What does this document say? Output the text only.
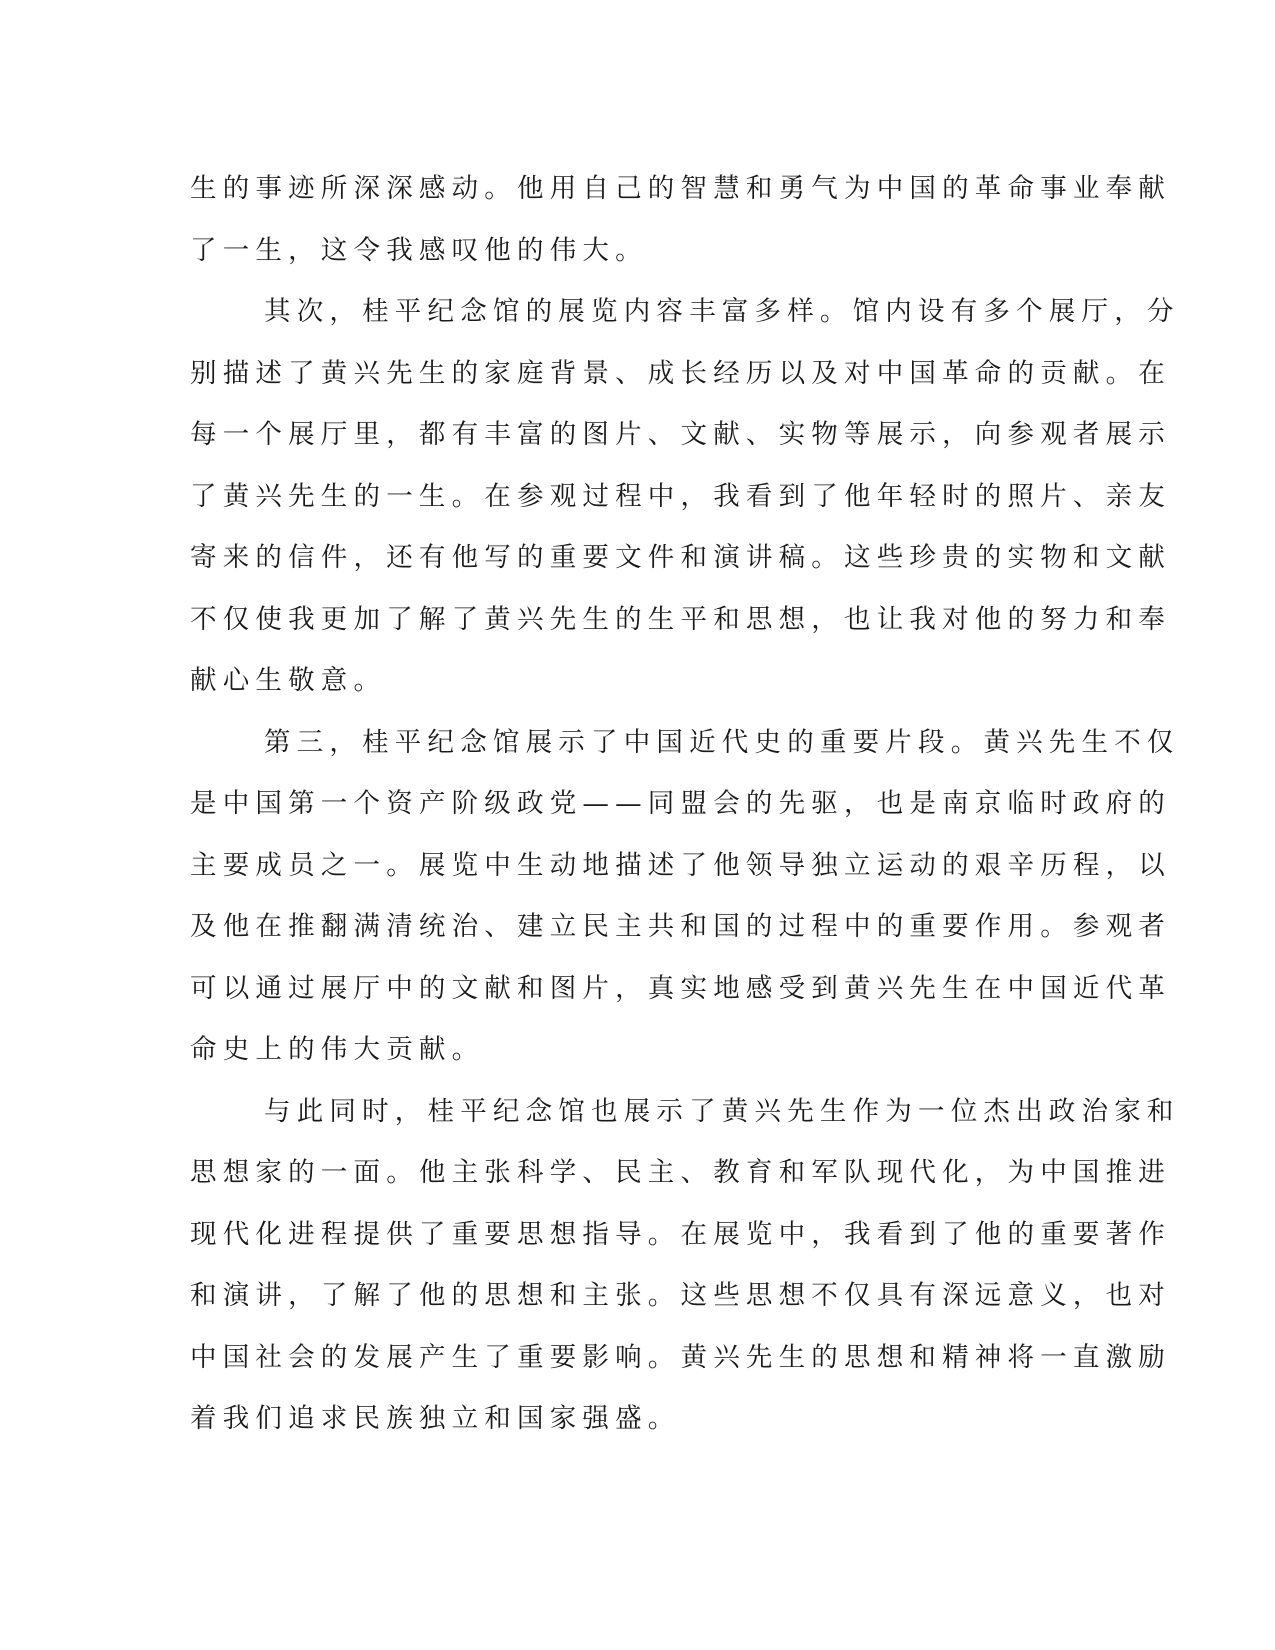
生的事迹所深深感动。他用自己的智慧和勇气为中国的革命事业奉献
了一生，这令我感叹他的伟大。
其次，桂平纪念馆的展览内容丰富多样。馆内设有多个展厅，分
别描述了黄兴先生的家庭背景、成长经历以及对中国革命的贡献。在
每一个展厅里，都有丰富的图片、文献、实物等展示，向参观者展示
了黄兴先生的一生。在参观过程中，我看到了他年轻时的照片、亲友
寄来的信件，还有他写的重要文件和演讲稿。这些珍贵的实物和文献
不仅使我更加了解了黄兴先生的生平和思想，也让我对他的努力和奉
献心生敬意。
第三，桂平纪念馆展示了中国近代史的重要片段。黄兴先生不仅
是中国第一个资产阶级政党——同盟会的先驱，也是南京临时政府的
主要成员之一。展览中生动地描述了他领导独立运动的艰辛历程，以
及他在推翻满清统治、建立民主共和国的过程中的重要作用。参观者
可以通过展厅中的文献和图片，真实地感受到黄兴先生在中国近代革
命史上的伟大贡献。
与此同时，桂平纪念馆也展示了黄兴先生作为一位杰出政治家和
思想家的一面。他主张科学、民主、教育和军队现代化，为中国推进
现代化进程提供了重要思想指导。在展览中，我看到了他的重要著作
和演讲，了解了他的思想和主张。这些思想不仅具有深远意义，也对
中国社会的发展产生了重要影响。黄兴先生的思想和精神将一直激励
着我们追求民族独立和国家强盛。
